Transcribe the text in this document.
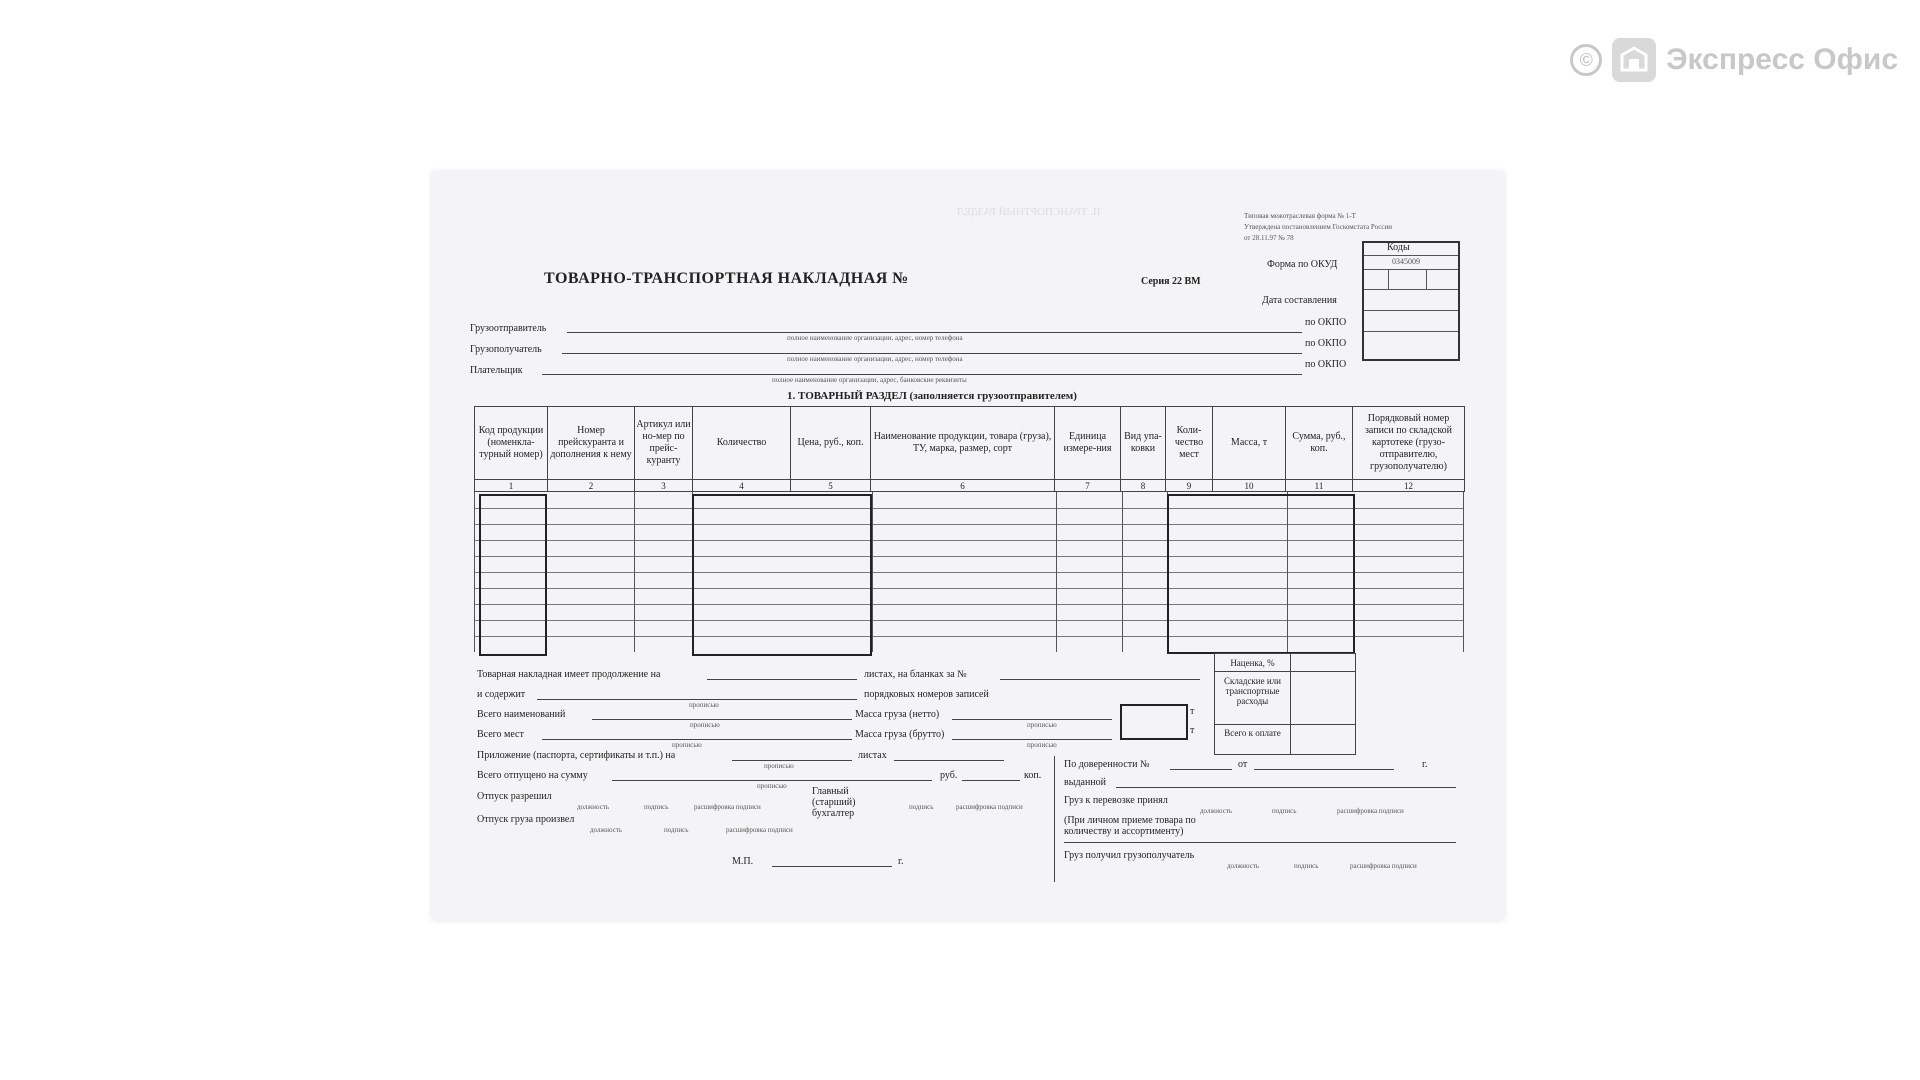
©	Экспресс Офис
II. ТРАНСПОРТНЫЙ РАЗДЕЛ	Типовая межотраслевая форма № 1-Т
Утверждена постановлением Госкомстата России
от 28.11.97 № 78
ТОВАРНО-ТРАНСПОРТНАЯ НАКЛАДНАЯ №	Серия 22 ВМ
Форма по ОКУД
Дата составления
по ОКПО
по ОКПО
по ОКПО
Коды
0345009
Грузоотправитель
полное наименование организации, адрес, номер телефона
Грузополучатель
полное наименование организации, адрес, номер телефона
Плательщик
полное наименование организации, адрес, банковские реквизиты
1. ТОВАРНЫЙ РАЗДЕЛ (заполняется грузоотправителем)
Код продукции (номенкла-турный номер)	Номер прейскуранта и дополнения к нему	Артикул или но-мер по прейс-куранту	Количество	Цена, руб., коп.	Наименование продукции, товара (груза), ТУ, марка, размер, сорт	Единица измере-ния	Вид упа-ковки	Коли-чество мест	Масса, т	Сумма, руб., коп.	Порядковый номер записи по складской картотеке (грузо-отправителю, грузополучателю)
1	2	3	4	5	6	7	8	9	10	11	12
Наценка, %
Складские или транспортные расходы
Всего к оплате
Товарная накладная имеет продолжение на	листах, на бланках за №
и содержит
прописью
порядковых номеров записей
Всего наименований
прописью
Масса груза (нетто)
прописью
т
т
Всего мест
прописью
Масса груза (брутто)
прописью
Приложение (паспорта, сертификаты и т.п.) на
прописью
листах
Всего отпущено на сумму
прописью
руб.	коп.
Отпуск разрешил
должность	подпись	расшифровка подписи
Главный (старший) бухгалтер
подпись	расшифровка подписи
Отпуск груза произвел
должность	подпись	расшифровка подписи
М.П.	г.
По доверенности №	от	г.
выданной
Груз к перевозке принял
должность	подпись	расшифровка подписи
(При личном приеме товара по количеству и ассортименту)
Груз получил грузополучатель
должность	подпись	расшифровка подписи
